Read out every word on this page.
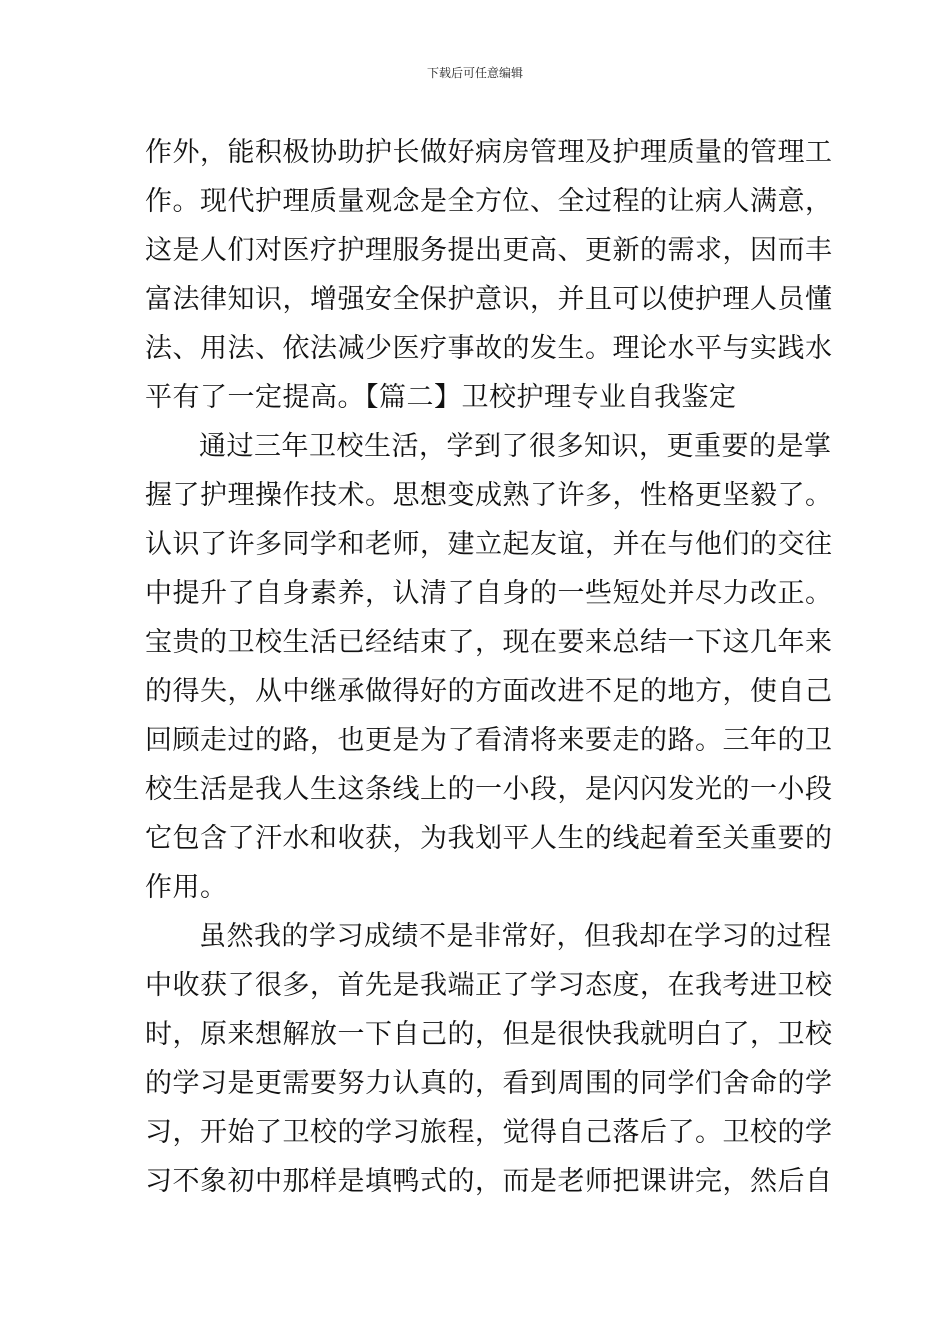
下载后可任意编辑
作外，能积极协助护长做好病房管理及护理质量的管理工
作。现代护理质量观念是全方位、全过程的让病人满意，
这是人们对医疗护理服务提出更高、更新的需求，因而丰
富法律知识，增强安全保护意识，并且可以使护理人员懂
法、用法、依法减少医疗事故的发生。理论水平与实践水
平有了一定提高。【篇二】卫校护理专业自我鉴定
通过三年卫校生活，学到了很多知识，更重要的是掌
握了护理操作技术。思想变成熟了许多，性格更坚毅了。
认识了许多同学和老师，建立起友谊，并在与他们的交往
中提升了自身素养，认清了自身的一些短处并尽力改正。
宝贵的卫校生活已经结束了，现在要来总结一下这几年来
的得失，从中继承做得好的方面改进不足的地方，使自己
回顾走过的路，也更是为了看清将来要走的路。三年的卫
校生活是我人生这条线上的一小段，是闪闪发光的一小段
它包含了汗水和收获，为我划平人生的线起着至关重要的
作用。
虽然我的学习成绩不是非常好，但我却在学习的过程
中收获了很多，首先是我端正了学习态度，在我考进卫校
时，原来想解放一下自己的，但是很快我就明白了，卫校
的学习是更需要努力认真的，看到周围的同学们舍命的学
习，开始了卫校的学习旅程，觉得自己落后了。卫校的学
习不象初中那样是填鸭式的，而是老师把课讲完，然后自
